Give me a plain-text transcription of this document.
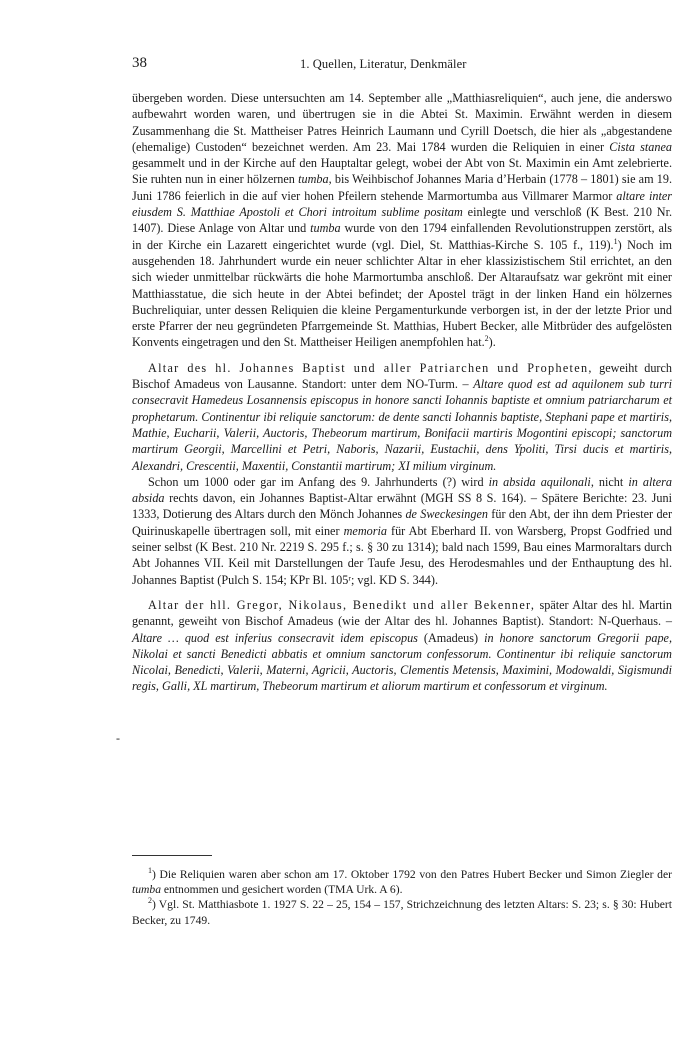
38	1. Quellen, Literatur, Denkmäler

übergeben worden. Diese untersuchten am 14. September alle „Matthiasreliquien“, auch jene, die anderswo aufbewahrt worden waren, und übertrugen sie in die Abtei St. Maximin. Erwähnt werden in diesem Zusammenhang die St. Mattheiser Patres Heinrich Laumann und Cyrill Doetsch, die hier als „abgestandene (ehemalige) Custoden“ bezeichnet werden. Am 23. Mai 1784 wurden die Reliquien in einer Cista stanea gesammelt und in der Kirche auf den Hauptaltar gelegt, wobei der Abt von St. Maximin ein Amt zelebrierte. Sie ruhten nun in einer hölzernen tumba, bis Weihbischof Johannes Maria d’Herbain (1778 – 1801) sie am 19. Juni 1786 feierlich in die auf vier hohen Pfeilern stehende Marmortumba aus Villmarer Marmor altare inter eiusdem S. Matthiae Apostoli et Chori introitum sublime positam einlegte und verschloß (K Best. 210 Nr. 1407). Diese Anlage von Altar und tumba wurde von den 1794 einfallenden Revolutionstruppen zerstört, als in der Kirche ein Lazarett eingerichtet wurde (vgl. Diel, St. Matthias-Kirche S. 105 f., 119).$^1$) Noch im ausgehenden 18. Jahrhundert wurde ein neuer schlichter Altar in eher klassizistischem Stil errichtet, an den sich wieder unmittelbar rückwärts die hohe Marmortumba anschloß. Der Altaraufsatz war gekrönt mit einer Matthiasstatue, die sich heute in der Abtei befindet; der Apostel trägt in der linken Hand ein hölzernes Buchreliquiar, unter dessen Reliquien die kleine Pergamenturkunde verborgen ist, in der der letzte Prior und erste Pfarrer der neu gegründeten Pfarrgemeinde St. Matthias, Hubert Becker, alle Mitbrüder des aufgelösten Konvents eingetragen und den St. Mattheiser Heiligen anempfohlen hat.$^2$).

Altar des hl. Johannes Baptist und aller Patriarchen und Propheten, geweiht durch Bischof Amadeus von Lausanne. Standort: unter dem NO-Turm. – Altare quod est ad aquilonem sub turri consecravit Hamedeus Losannensis episcopus in honore sancti Iohannis baptiste et omnium patriarcharum et prophetarum. Continentur ibi reliquie sanctorum: de dente sancti Iohannis baptiste, Stephani pape et martiris, Mathie, Eucharii, Valerii, Auctoris, Thebeorum martirum, Bonifacii martiris Mogontini episcopi; sanctorum martirum Georgii, Marcellini et Petri, Naboris, Nazarii, Eustachii, dens Ypoliti, Tirsi ducis et martiris, Alexandri, Crescentii, Maxentii, Constantii martirum; XI milium virginum.

Schon um 1000 oder gar im Anfang des 9. Jahrhunderts (?) wird in absida aquilonali, nicht in altera absida rechts davon, ein Johannes Baptist-Altar erwähnt (MGH SS 8 S. 164). – Spätere Berichte: 23. Juni 1333, Dotierung des Altars durch den Mönch Johannes de Sweckesingen für den Abt, der ihn dem Priester der Quirinuskapelle übertragen soll, mit einer memoria für Abt Eberhard II. von Warsberg, Propst Godfried und seiner selbst (K Best. 210 Nr. 2219 S. 295 f.; s. § 30 zu 1314); bald nach 1599, Bau eines Marmoraltars durch Abt Johannes VII. Keil mit Darstellungen der Taufe Jesu, des Herodesmahles und der Enthauptung des hl. Johannes Baptist (Pulch S. 154; KPr Bl. 105ʳ; vgl. KD S. 344).

Altar der hll. Gregor, Nikolaus, Benedikt und aller Bekenner, später Altar des hl. Martin genannt, geweiht von Bischof Amadeus (wie der Altar des hl. Johannes Baptist). Standort: N-Querhaus. – Altare … quod est inferius consecravit idem episcopus (Amadeus) in honore sanctorum Gregorii pape, Nikolai et sancti Benedicti abbatis et omnium sanctorum confessorum. Continentur ibi reliquie sanctorum Nicolai, Benedicti, Valerii, Materni, Agricii, Auctoris, Clementis Metensis, Maximini, Modowaldi, Sigismundi regis, Galli, XL martirum, Thebeorum martirum et aliorum martirum et confessorum et virginum.

-

$^1$) Die Reliquien waren aber schon am 17. Oktober 1792 von den Patres Hubert Becker und Simon Ziegler der tumba entnommen und gesichert worden (TMA Urk. A 6).

$^2$) Vgl. St. Matthiasbote 1. 1927 S. 22 – 25, 154 – 157, Strichzeichnung des letzten Altars: S. 23; s. § 30: Hubert Becker, zu 1749.
